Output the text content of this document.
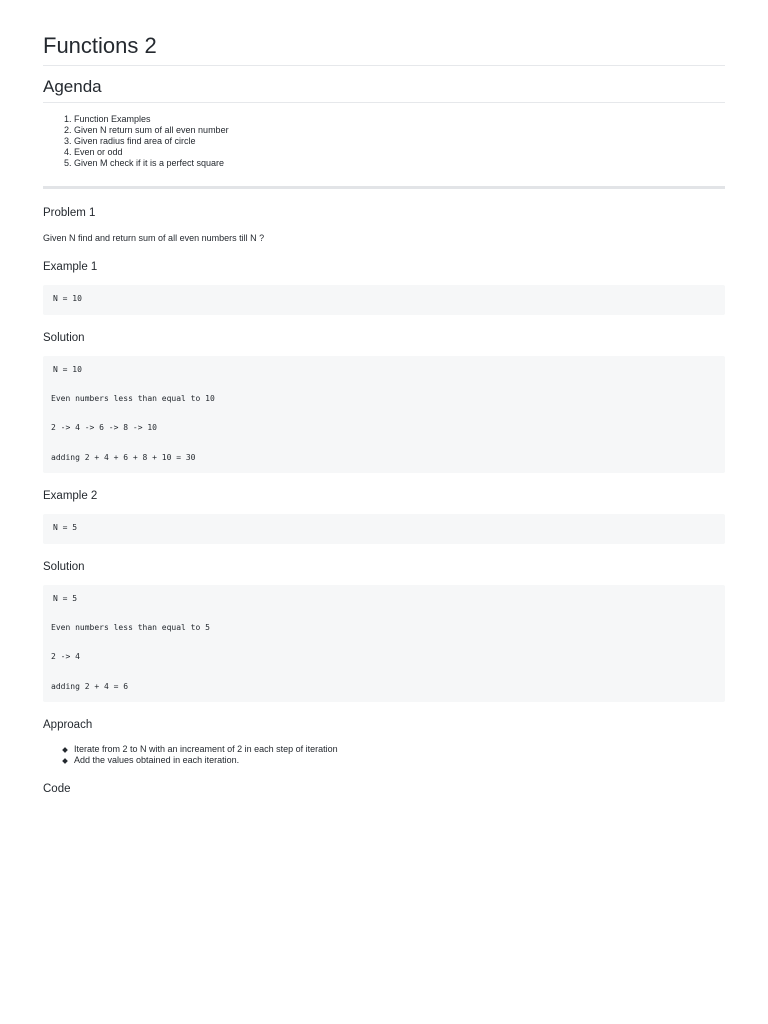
Functions 2
Agenda
1. Function Examples
2. Given N return sum of all even number
3. Given radius find area of circle
4. Even or odd
5. Given M check if it is a perfect square
Problem 1

Given N find and return sum of all even numbers till N ?

Example 1
N = 10
Solution
N = 10
Even numbers less than equal to 10
2 -> 4 -> 6 -> 8 -> 10
adding 2 + 4 + 6 + 8 + 10 = 30
Example 2
N = 5
Solution
N = 5
Even numbers less than equal to 5
2 -> 4
adding 2 + 4 = 6
Approach
Iterate from 2 to N with an increament of 2 in each step of iteration
Add the values obtained in each iteration.
Code
